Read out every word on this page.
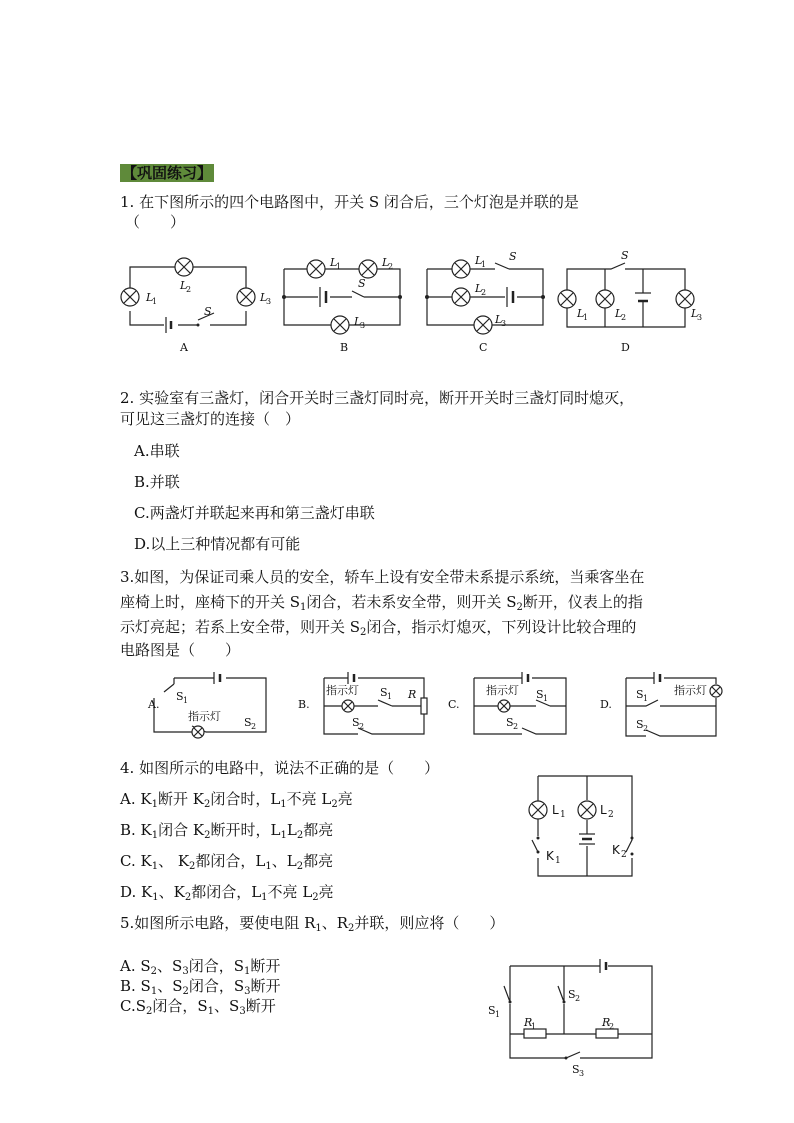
【巩固练习】
1. 在下图所示的四个电路图中，开关 S 闭合后，三个灯泡是并联的是
（　　）
L
1
L
2
L
3
S
A
L
1	L
2
L
3
S
B
L
1
L
2
L
3
S
C
L
1 L
2	L
3
S
D
2. 实验室有三盏灯，闭合开关时三盏灯同时亮，断开开关时三盏灯同时熄灭，
可见这三盏灯的连接（　）
A.串联
B.并联
C.两盏灯并联起来再和第三盏灯串联
D.以上三种情况都有可能
3.如图，为保证司乘人员的安全，轿车上设有安全带未系提示系统，当乘客坐在
座椅上时，座椅下的开关 $S_1$闭合，若未系安全带，则开关 $S_2$断开，仪表上的指
示灯亮起；若系上安全带，则开关 $S_2$闭合，指示灯熄灭，下列设计比较合理的
电路图是（　　）
A.
S 1
指示灯 S 2
B.
指示灯 S 1 R
S 2
C.
指示灯 S 1
S 2
D.
S 1
指示灯
S 2
4. 如图所示的电路中，说法不正确的是（　　）
A. $K_1$断开 $K_2$闭合时，$L_1$不亮 $L_2$亮
B. $K_1$闭合 $K_2$断开时，$L_1L_2$都亮
C. $K_1$、 $K_2$都闭合，$L_1$、$L_2$都亮
D. $K_1$、$K_2$都闭合，$L_1$不亮 $L_2$亮
L 1	L 2
K 1
K 2
5.如图所示电路，要使电阻 $R_1$、$R_2$并联，则应将（　　）
A. $S_2$、$S_3$闭合，$S_1$断开
B. $S_1$、$S_2$闭合，$S_3$断开
$C.S_2$闭合，$S_1$、$S_3$断开	S 1
S 2
R
1	R
2
S 3
